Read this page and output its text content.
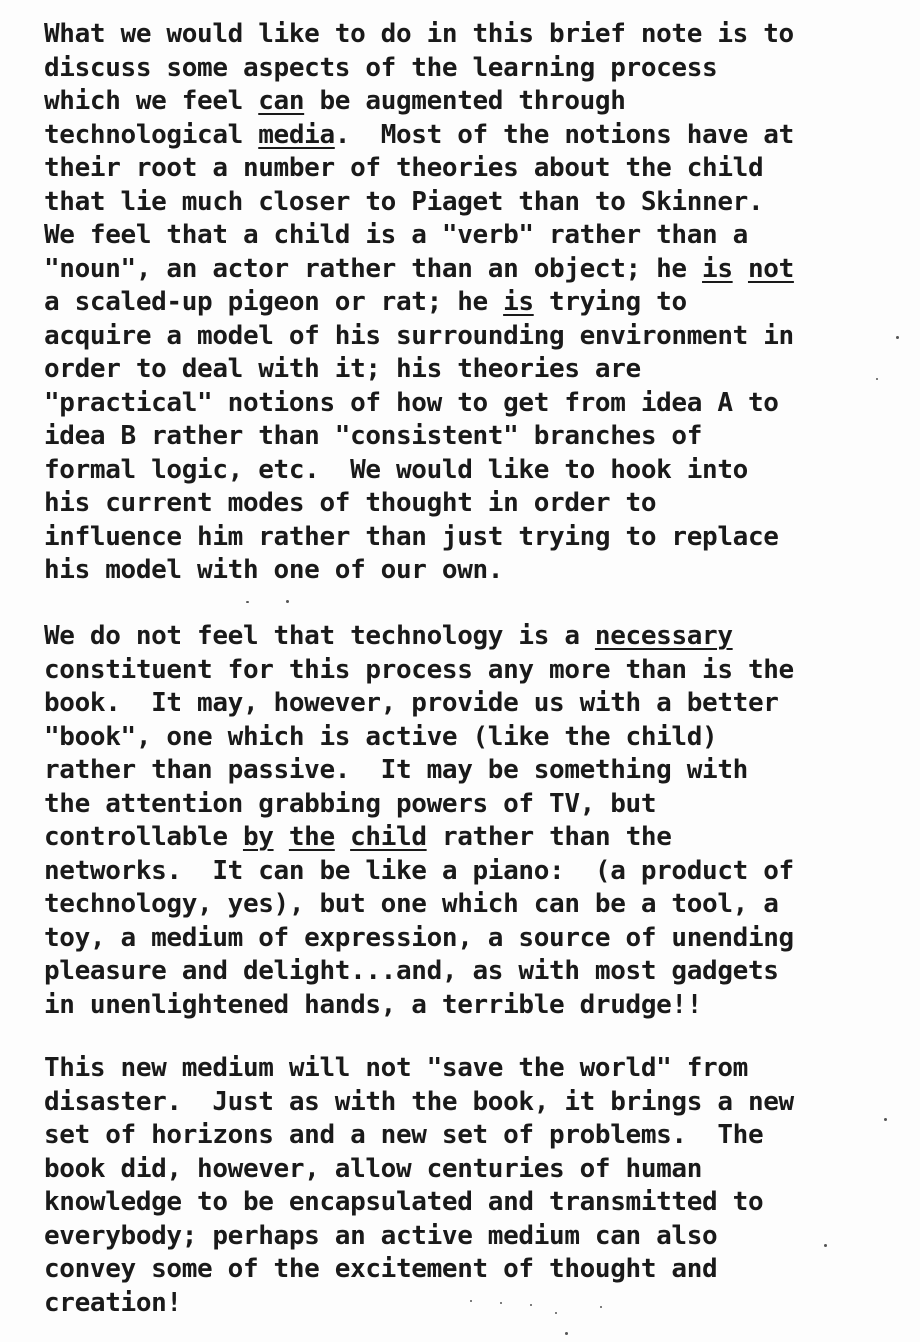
What we would like to do in this brief note is to
discuss some aspects of the learning process
which we feel can be augmented through
technological media.  Most of the notions have at
their root a number of theories about the child
that lie much closer to Piaget than to Skinner.
We feel that a child is a "verb" rather than a
"noun", an actor rather than an object; he is not
a scaled-up pigeon or rat; he is trying to
acquire a model of his surrounding environment in
order to deal with it; his theories are
"practical" notions of how to get from idea A to
idea B rather than "consistent" branches of
formal logic, etc.  We would like to hook into
his current modes of thought in order to
influence him rather than just trying to replace
his model with one of our own.
We do not feel that technology is a necessary
constituent for this process any more than is the
book.  It may, however, provide us with a better
"book", one which is active (like the child)
rather than passive.  It may be something with
the attention grabbing powers of TV, but
controllable by the child rather than the
networks.  It can be like a piano:  (a product of
technology, yes), but one which can be a tool, a
toy, a medium of expression, a source of unending
pleasure and delight...and, as with most gadgets
in unenlightened hands, a terrible drudge!!
This new medium will not "save the world" from
disaster.  Just as with the book, it brings a new
set of horizons and a new set of problems.  The
book did, however, allow centuries of human
knowledge to be encapsulated and transmitted to
everybody; perhaps an active medium can also
convey some of the excitement of thought and
creation!
